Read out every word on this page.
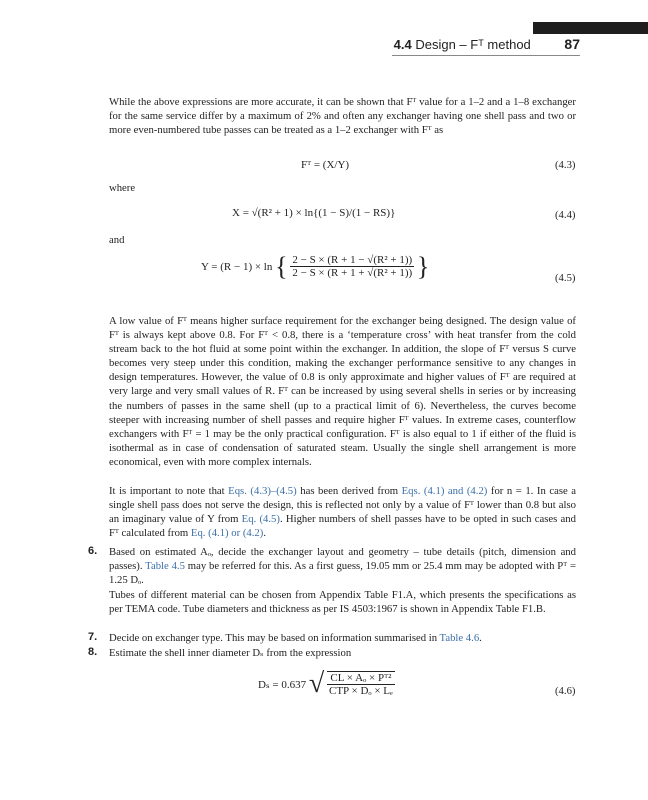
4.4 Design – Fᵀ method 87

While the above expressions are more accurate, it can be shown that Fᵀ value for a 1–2 and a 1–8 exchanger for the same service differ by a maximum of 2% and often any exchanger having one shell pass and two or more even-numbered tube passes can be treated as a 1–2 exchanger with Fᵀ as

Fᵀ = (X/Y)	(4.3)
where
X = √(R² + 1) × ln{(1 − S)/(1 − RS)}	(4.4)
and
Y = (R − 1) × ln { $\frac{\text{2 − S × (R + 1 − √(R² + 1))}}{\text{2 − S × (R + 1 + √(R² + 1))}}$ }	(4.5)

A low value of Fᵀ means higher surface requirement for the exchanger being designed. The design value of Fᵀ is always kept above 0.8. For Fᵀ < 0.8, there is a ‘temperature cross’ with heat transfer from the cold stream back to the hot fluid at some point within the exchanger. In addition, the slope of Fᵀ versus S curve becomes very steep under this condition, making the exchanger performance sensitive to any changes in design temperatures. However, the value of 0.8 is only approximate and higher values of Fᵀ are required at very large and very small values of R. Fᵀ can be increased by using several shells in series or by increasing the numbers of passes in the same shell (up to a practical limit of 6). Nevertheless, the curves become steeper with increasing number of shell passes and require higher Fᵀ values. In extreme cases, counterflow exchangers with Fᵀ = 1 may be the only practical configuration. Fᵀ is also equal to 1 if either of the fluid is isothermal as in case of condensation of saturated steam. Usually the single shell arrangement is more economical, even with more complex internals.

It is important to note that Eqs. (4.3)–(4.5) has been derived from Eqs. (4.1) and (4.2) for n = 1. In case a single shell pass does not serve the design, this is reflected not only by a value of Fᵀ lower than 0.8 but also an imaginary value of Y from Eq. (4.5). Higher numbers of shell passes have to be opted in such cases and Fᵀ calculated from Eq. (4.1) or (4.2).

6. Based on estimated Aₒ, decide the exchanger layout and geometry – tube details (pitch, dimension and passes). Table 4.5 may be referred for this. As a first guess, 19.05 mm or 25.4 mm may be adopted with Pᵀ = 1.25 Dₒ.

Tubes of different material can be chosen from Appendix Table F1.A, which presents the specifications as per TEMA code. Tube diameters and thickness as per IS 4503:1967 is shown in Appendix Table F1.B.

7. Decide on exchanger type. This may be based on information summarised in Table 4.6.

8. Estimate the shell inner diameter Dₛ from the expression

Dₛ = 0.637 √ $\frac{\text{CL × Aₒ × Pᵀ²}}{\text{CTP × Dₒ × Lₑ}}$	(4.6)
